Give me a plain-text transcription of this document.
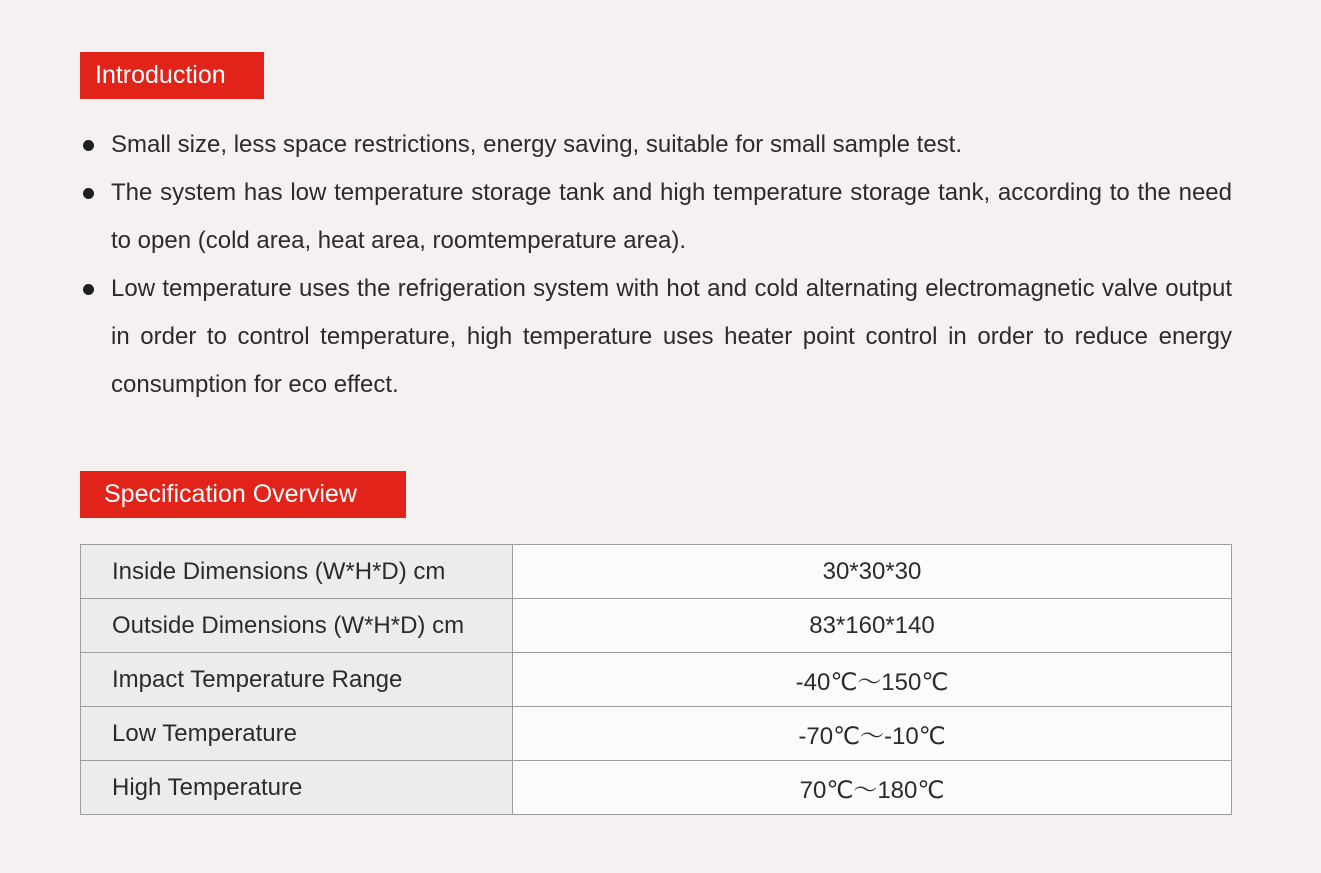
Introduction
Small size, less space restrictions, energy saving, suitable for small sample test.
The system has low temperature storage tank and high temperature storage tank, according to the need to open (cold area, heat area, roomtemperature area).
Low temperature uses the refrigeration system with hot and cold alternating electromagnetic valve output in order to control temperature, high temperature uses heater point control in order to reduce energy consumption for eco effect.
Specification Overview
Inside Dimensions (W*H*D) cm	30*30*30
Outside Dimensions (W*H*D) cm	83*160*140
Impact Temperature Range	-40℃～150℃
Low Temperature	-70℃～-10℃
High Temperature	70℃～180℃
